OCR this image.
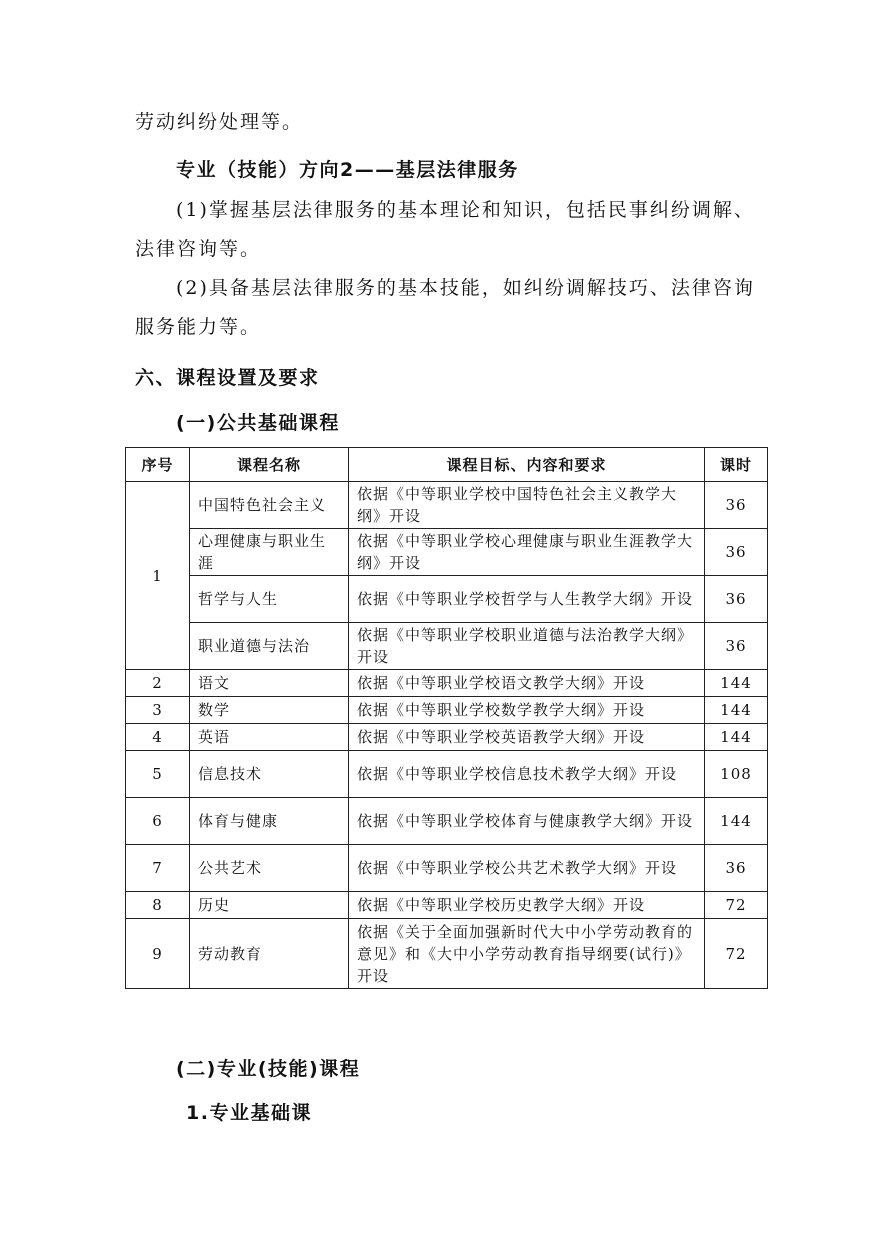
劳动纠纷处理等。
专业（技能）方向2——基层法律服务
(1)掌握基层法律服务的基本理论和知识，包括民事纠纷调解、
法律咨询等。
(2)具备基层法律服务的基本技能，如纠纷调解技巧、法律咨询
服务能力等。
六、课程设置及要求
(一)公共基础课程
序号	课程名称	课程目标、内容和要求	课时
1	中国特色社会主义	依据《中等职业学校中国特色社会主义教学大纲》开设	36
	心理健康与职业生涯	依据《中等职业学校心理健康与职业生涯教学大纲》开设	36
	哲学与人生	依据《中等职业学校哲学与人生教学大纲》开设	36
	职业道德与法治	依据《中等职业学校职业道德与法治教学大纲》开设	36
2	语文	依据《中等职业学校语文教学大纲》开设	144
3	数学	依据《中等职业学校数学教学大纲》开设	144
4	英语	依据《中等职业学校英语教学大纲》开设	144
5	信息技术	依据《中等职业学校信息技术教学大纲》开设	108
6	体育与健康	依据《中等职业学校体育与健康教学大纲》开设	144
7	公共艺术	依据《中等职业学校公共艺术教学大纲》开设	36
8	历史	依据《中等职业学校历史教学大纲》开设	72
9	劳动教育	依据《关于全面加强新时代大中小学劳动教育的意见》和《大中小学劳动教育指导纲要(试行)》开设	72
(二)专业(技能)课程
1.专业基础课
